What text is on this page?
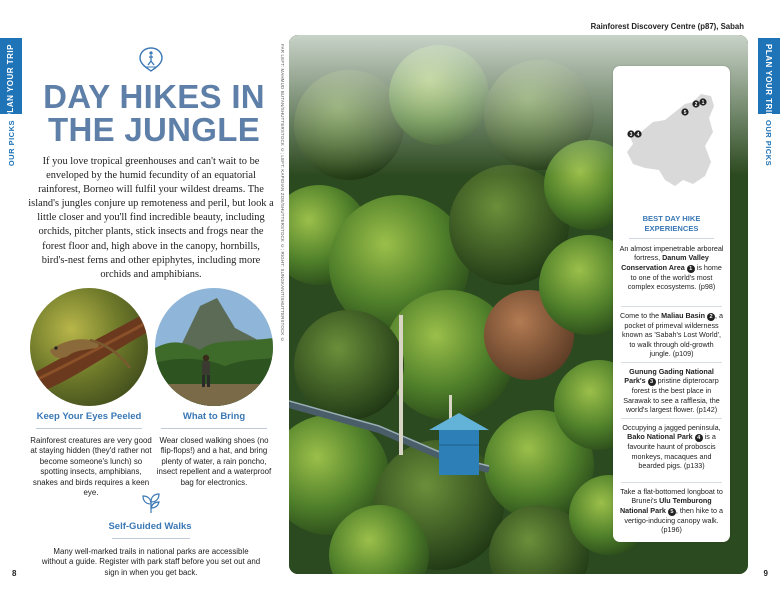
PLAN YOUR TRIP
OUR PICKS
PLAN YOUR TRIP
OUR PICKS
DAY HIKES IN
THE JUNGLE

If you love tropical greenhouses and can't wait to be enveloped by the humid fecundity of an equatorial rainforest, Borneo will fulfil your wildest dreams. The island's jungles conjure up remoteness and peril, but look a little closer and you'll find incredible beauty, including orchids, pitcher plants, stick insects and frogs near the forest floor and, high above in the canopy, hornbills, bird's-nest ferns and other epiphytes, including more orchids and amphibians.

Keep Your Eyes Peeled

Rainforest creatures are very good at staying hidden (they'd rather not become someone's lunch) so spotting insects, amphibians, snakes and birds requires a keen eye.

What to Bring

Wear closed walking shoes (no flip-flops!) and a hat, and bring plenty of water, a rain poncho, insect repellent and a waterproof bag for electronics.

Self-Guided Walks

Many well-marked trails in national parks are accessible without a guide. Register with park staff before you set out and sign in when you get back.

8	9
FAR LEFT: MAHMUD BUTAN/SHUTTERSTOCK ©; LEFT: KAPIDIAN ZOE/SHUTTERSTOCK ©; RIGHT: SUNGKANIT/SHUTTERSTOCK ©
Rainforest Discovery Centre (p87), Sabah
1
2
3 4
5
BEST DAY HIKE
EXPERIENCES
An almost impenetrable arboreal fortress, Danum Valley Conservation Area 1 is home to one of the world's most complex ecosystems. (p98)
Come to the Maliau Basin 2 , a pocket of primeval wilderness known as 'Sabah's Lost World', to walk through old-growth jungle. (p109)
Gunung Gading National Park's 3 pristine dipterocarp forest is the best place in Sarawak to see a rafflesia, the world's largest flower. (p142)
Occupying a jagged peninsula, Bako National Park 4 is a favourite haunt of proboscis monkeys, macaques and bearded pigs. (p133)
Take a flat-bottomed longboat to Brunei's Ulu Temburong National Park 5 , then hike to a vertigo-inducing canopy walk. (p196)
